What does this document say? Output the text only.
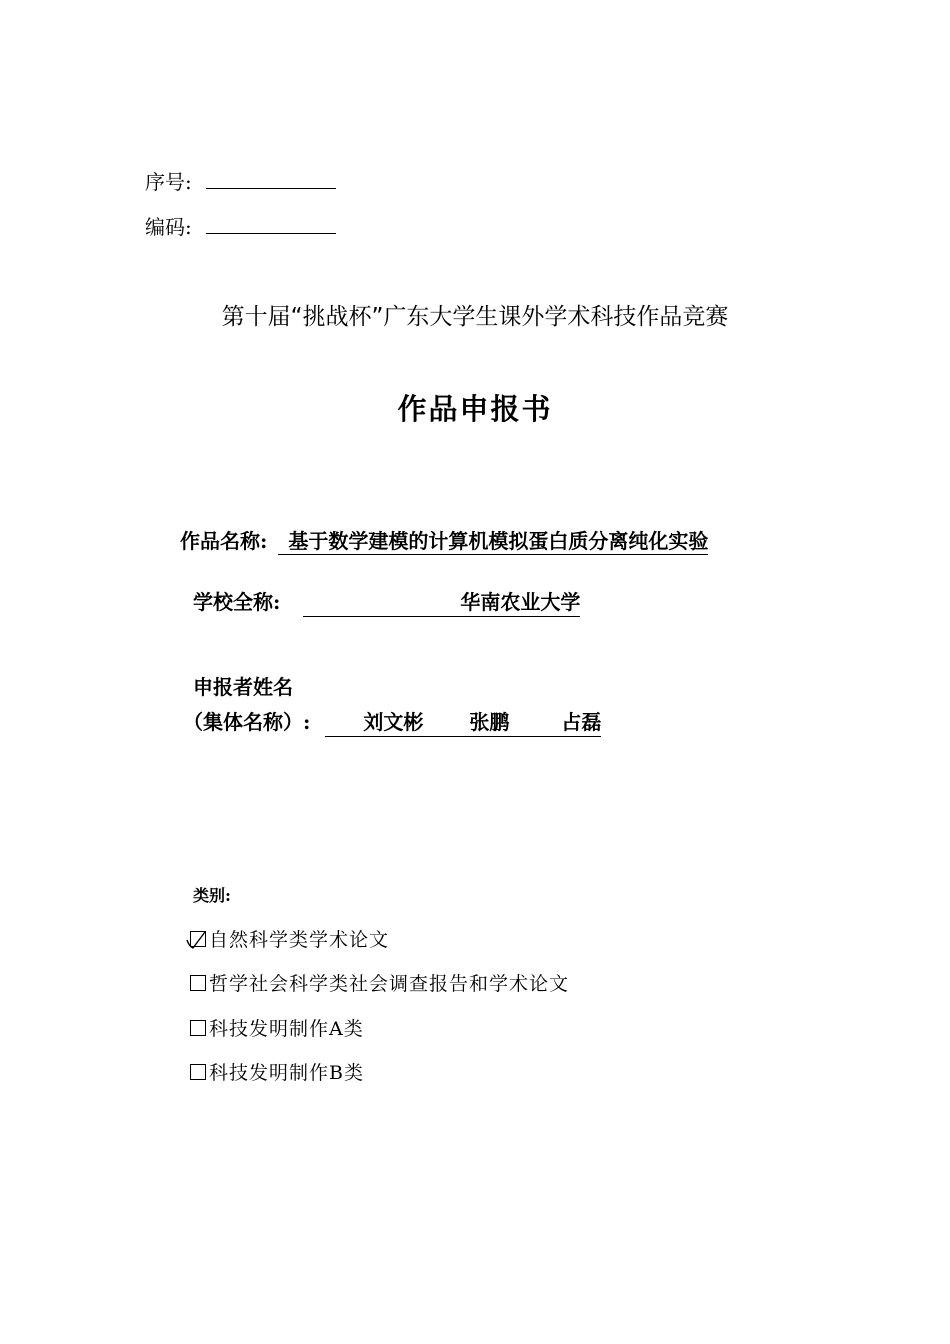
序号:
编码:
第十届“挑战杯”广东大学生课外学术科技作品竞赛
作品申报书
作品名称: 基于数学建模的计算机模拟蛋白质分离纯化实验
学校全称:	华南农业大学
申报者姓名
（集体名称）:	刘文彬 张鹏	占磊
类别:
自然科学类学术论文
哲学社会科学类社会调查报告和学术论文
科技发明制作A类
科技发明制作B类
